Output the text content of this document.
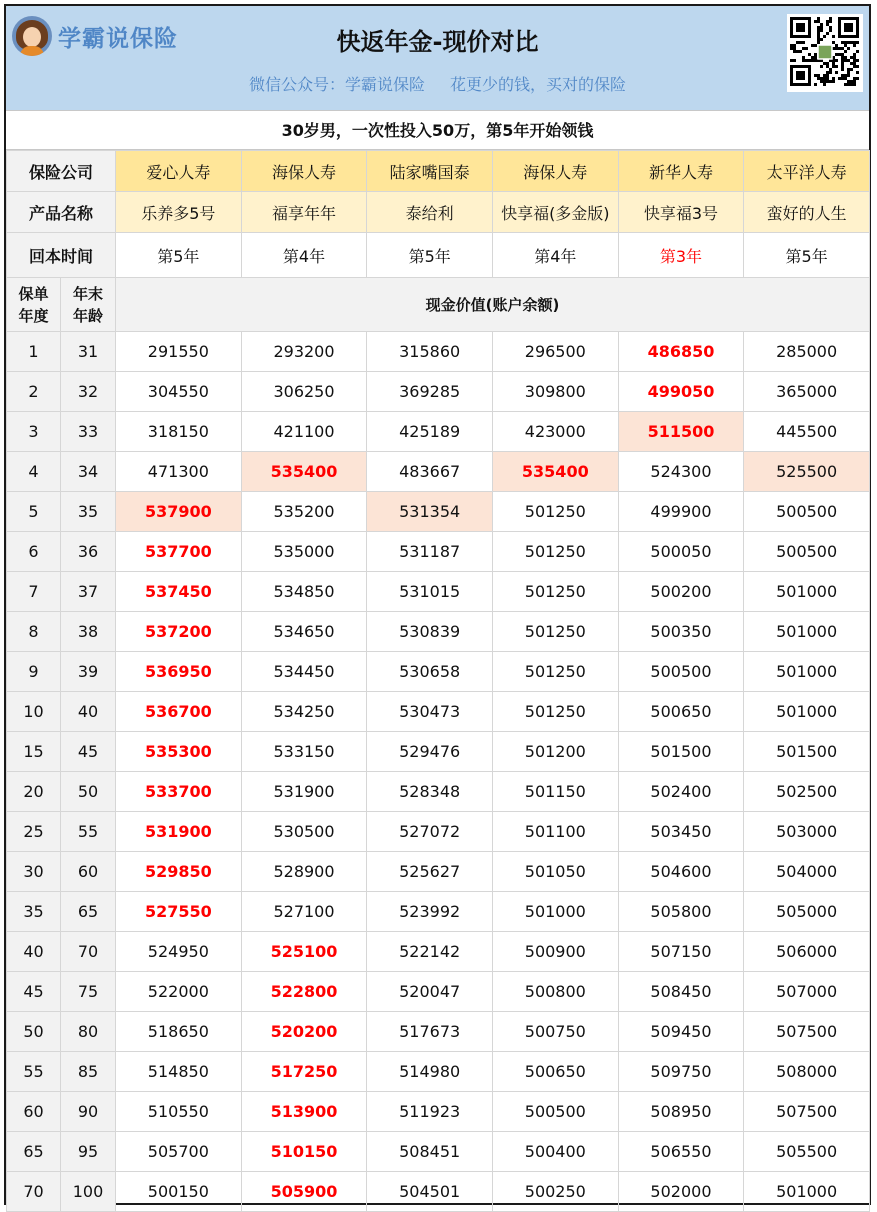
学霸说保险	快返年金-现价对比
微信公众号：学霸说保险 花更少的钱，买对的保险
30岁男，一次性投入50万，第5年开始领钱
保险公司		爱心人寿	海保人寿	陆家嘴国泰	海保人寿	新华人寿	太平洋人寿
产品名称		乐养多5号	福享年年	泰给利	快享福(多金版)	快享福3号	蛮好的人生
回本时间		第5年	第4年	第5年	第4年	第3年	第5年
保单年度	年末年龄	现金价值(账户余额)					
1	31	291550	293200	315860	296500	486850	285000
2	32	304550	306250	369285	309800	499050	365000
3	33	318150	421100	425189	423000	511500	445500
4	34	471300	535400	483667	535400	524300	525500
5	35	537900	535200	531354	501250	499900	500500
6	36	537700	535000	531187	501250	500050	500500
7	37	537450	534850	531015	501250	500200	501000
8	38	537200	534650	530839	501250	500350	501000
9	39	536950	534450	530658	501250	500500	501000
10	40	536700	534250	530473	501250	500650	501000
15	45	535300	533150	529476	501200	501500	501500
20	50	533700	531900	528348	501150	502400	502500
25	55	531900	530500	527072	501100	503450	503000
30	60	529850	528900	525627	501050	504600	504000
35	65	527550	527100	523992	501000	505800	505000
40	70	524950	525100	522142	500900	507150	506000
45	75	522000	522800	520047	500800	508450	507000
50	80	518650	520200	517673	500750	509450	507500
55	85	514850	517250	514980	500650	509750	508000
60	90	510550	513900	511923	500500	508950	507500
65	95	505700	510150	508451	500400	506550	505500
70	100	500150	505900	504501	500250	502000	501000
